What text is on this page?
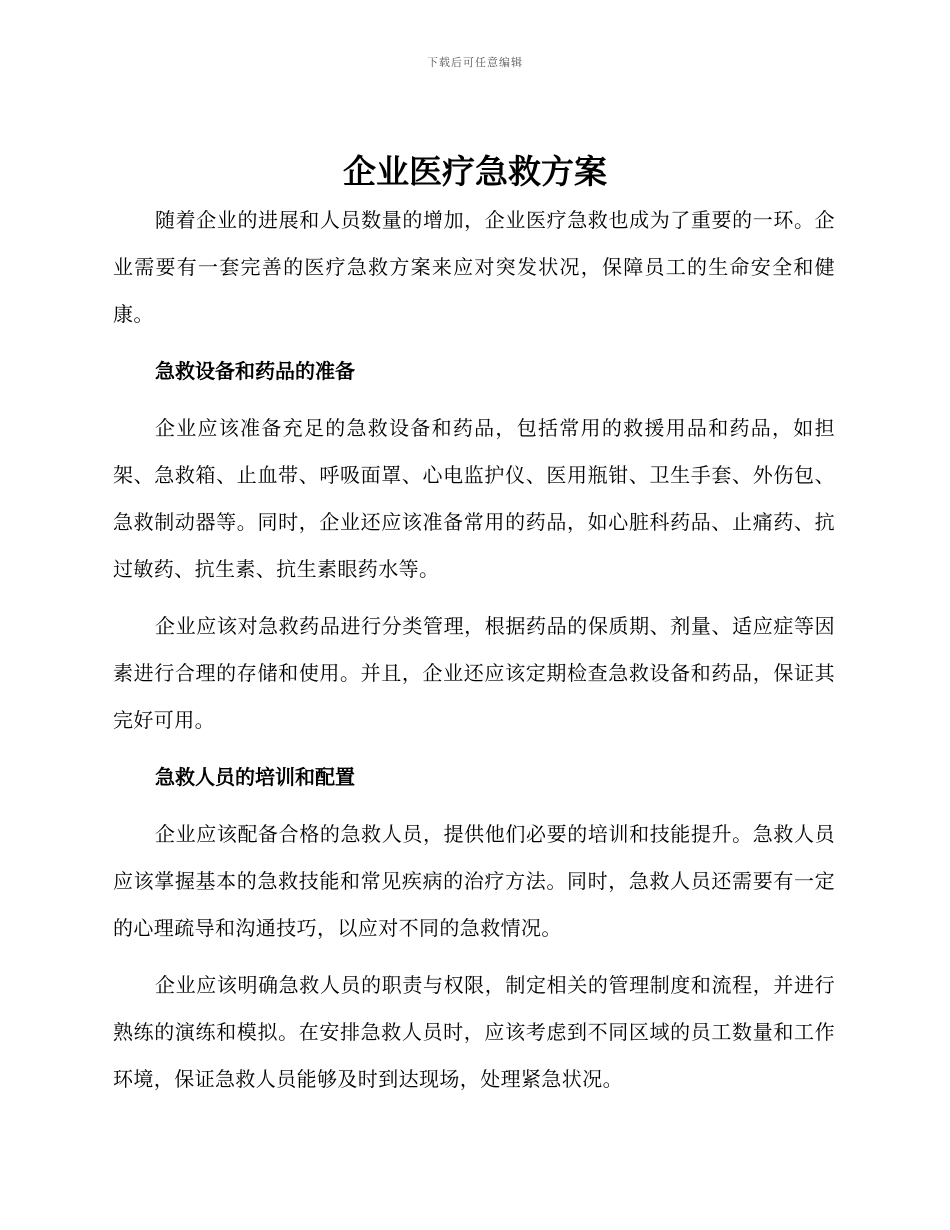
下载后可任意编辑
企业医疗急救方案

随着企业的进展和人员数量的增加，企业医疗急救也成为了重要的一环。企业需要有一套完善的医疗急救方案来应对突发状况，保障员工的生命安全和健康。

急救设备和药品的准备

企业应该准备充足的急救设备和药品，包括常用的救援用品和药品，如担架、急救箱、止血带、呼吸面罩、心电监护仪、医用瓶钳、卫生手套、外伤包、急救制动器等。同时，企业还应该准备常用的药品，如心脏科药品、止痛药、抗过敏药、抗生素、抗生素眼药水等。

企业应该对急救药品进行分类管理，根据药品的保质期、剂量、适应症等因素进行合理的存储和使用。并且，企业还应该定期检查急救设备和药品，保证其完好可用。

急救人员的培训和配置

企业应该配备合格的急救人员，提供他们必要的培训和技能提升。急救人员应该掌握基本的急救技能和常见疾病的治疗方法。同时，急救人员还需要有一定的心理疏导和沟通技巧，以应对不同的急救情况。

企业应该明确急救人员的职责与权限，制定相关的管理制度和流程，并进行熟练的演练和模拟。在安排急救人员时，应该考虑到不同区域的员工数量和工作环境，保证急救人员能够及时到达现场，处理紧急状况。
